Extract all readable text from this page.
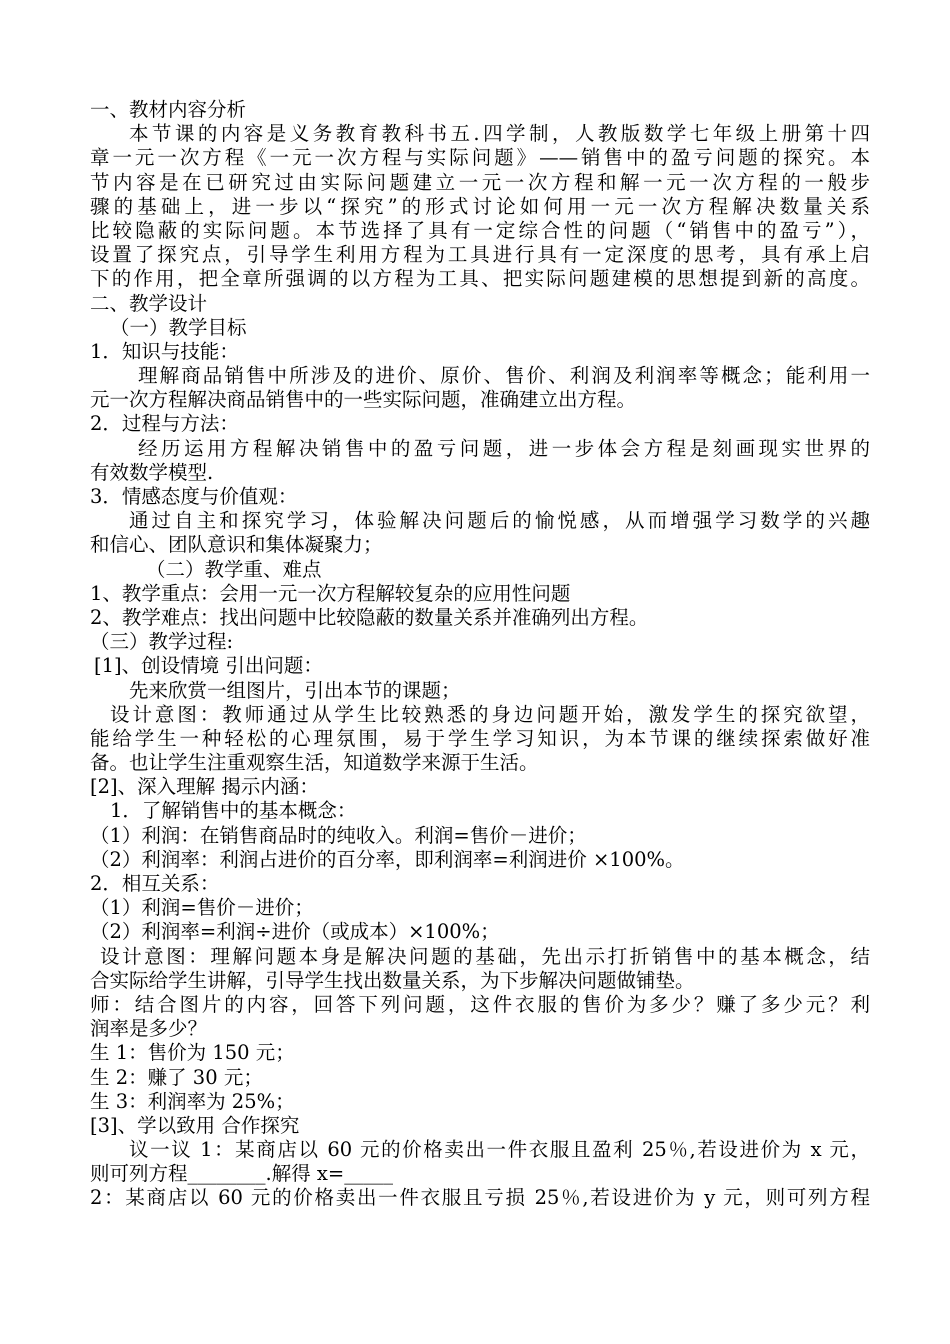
一、教材内容分析
本节课的内容是义务教育教科书五.四学制，人教版数学七年级上册第十四
章一元一次方程《一元一次方程与实际问题》——销售中的盈亏问题的探究。本
节内容是在已研究过由实际问题建立一元一次方程和解一元一次方程的一般步
骤的基础上，进一步以“探究”的形式讨论如何用一元一次方程解决数量关系
比较隐蔽的实际问题。本节选择了具有一定综合性的问题（“销售中的盈亏”），
设置了探究点，引导学生利用方程为工具进行具有一定深度的思考，具有承上启
下的作用，把全章所强调的以方程为工具、把实际问题建模的思想提到新的高度。
二、教学设计
（一）教学目标
1．知识与技能：
理解商品销售中所涉及的进价、原价、售价、利润及利润率等概念；能利用一
元一次方程解决商品销售中的一些实际问题，准确建立出方程。
2．过程与方法：
经历运用方程解决销售中的盈亏问题，进一步体会方程是刻画现实世界的
有效数学模型.
3．情感态度与价值观：
通过自主和探究学习，体验解决问题后的愉悦感，从而增强学习数学的兴趣
和信心、团队意识和集体凝聚力；
（二）教学重、难点
1、教学重点：会用一元一次方程解较复杂的应用性问题
2、教学难点：找出问题中比较隐蔽的数量关系并准确列出方程。
（三）教学过程:
[1]、创设情境 引出问题：
先来欣赏一组图片，引出本节的课题；
设计意图：教师通过从学生比较熟悉的身边问题开始，激发学生的探究欲望，
能给学生一种轻松的心理氛围，易于学生学习知识，为本节课的继续探索做好准
备。也让学生注重观察生活，知道数学来源于生活。
[2]、深入理解 揭示内涵：
1．了解销售中的基本概念：
（1）利润：在销售商品时的纯收入。利润=售价－进价；
（2）利润率：利润占进价的百分率，即利润率=利润进价 ×100%。
2．相互关系：
（1）利润=售价－进价；
（2）利润率=利润÷进价（或成本）×100%；
设计意图：理解问题本身是解决问题的基础，先出示打折销售中的基本概念，结
合实际给学生讲解，引导学生找出数量关系，为下步解决问题做铺垫。
师：结合图片的内容，回答下列问题，这件衣服的售价为多少？赚了多少元？利
润率是多少？
生 1：售价为 150 元；
生 2：赚了 30 元；
生 3：利润率为 25%；
[3]、学以致用 合作探究
议一议 1：某商店以 60 元的价格卖出一件衣服且盈利 25％,若设进价为 x 元，
则可列方程________.解得 x=_____
2：某商店以 60 元的价格卖出一件衣服且亏损 25％,若设进价为 y 元，则可列方程
